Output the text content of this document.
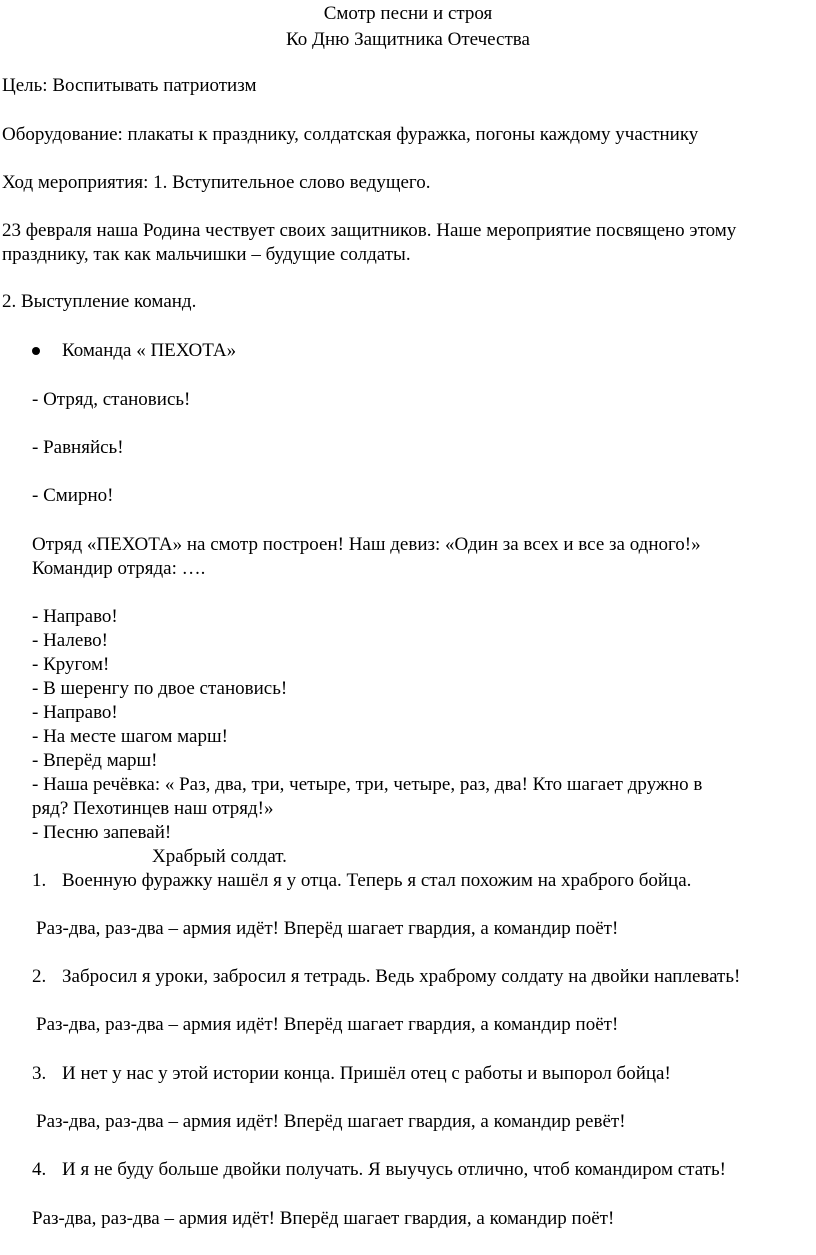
Смотр песни и строя
Ко Дню Защитника Отечества
Цель: Воспитывать патриотизм
Оборудование: плакаты к празднику, солдатская фуражка, погоны каждому участнику
Ход мероприятия: 1. Вступительное слово ведущего.
23 февраля наша Родина чествует своих защитников. Наше мероприятие посвящено этому
празднику, так как мальчишки – будущие солдаты.
2. Выступление команд.
Команда « ПЕХОТА»
- Отряд, становись!
- Равняйсь!
- Смирно!
Отряд «ПЕХОТА» на смотр построен! Наш девиз: «Один за всех и все за одного!»
Командир отряда: ….
- Направо!
- Налево!
- Кругом!
- В шеренгу по двое становись!
- Направо!
- На месте шагом марш!
- Вперёд марш!
- Наша речёвка: « Раз, два, три, четыре, три, четыре, раз, два! Кто шагает дружно в
ряд? Пехотинцев наш отряд!»
- Песню запевай!
Храбрый солдат.
1. Военную фуражку нашёл я у отца. Теперь я стал похожим на храброго бойца.
Раз-два, раз-два – армия идёт! Вперёд шагает гвардия, а командир поёт!
2. Забросил я уроки, забросил я тетрадь. Ведь храброму солдату на двойки наплевать!
Раз-два, раз-два – армия идёт! Вперёд шагает гвардия, а командир поёт!
3. И нет у нас у этой истории конца. Пришёл отец с работы и выпорол бойца!
Раз-два, раз-два – армия идёт! Вперёд шагает гвардия, а командир ревёт!
4. И я не буду больше двойки получать. Я выучусь отлично, чтоб командиром стать!
Раз-два, раз-два – армия идёт! Вперёд шагает гвардия, а командир поёт!
